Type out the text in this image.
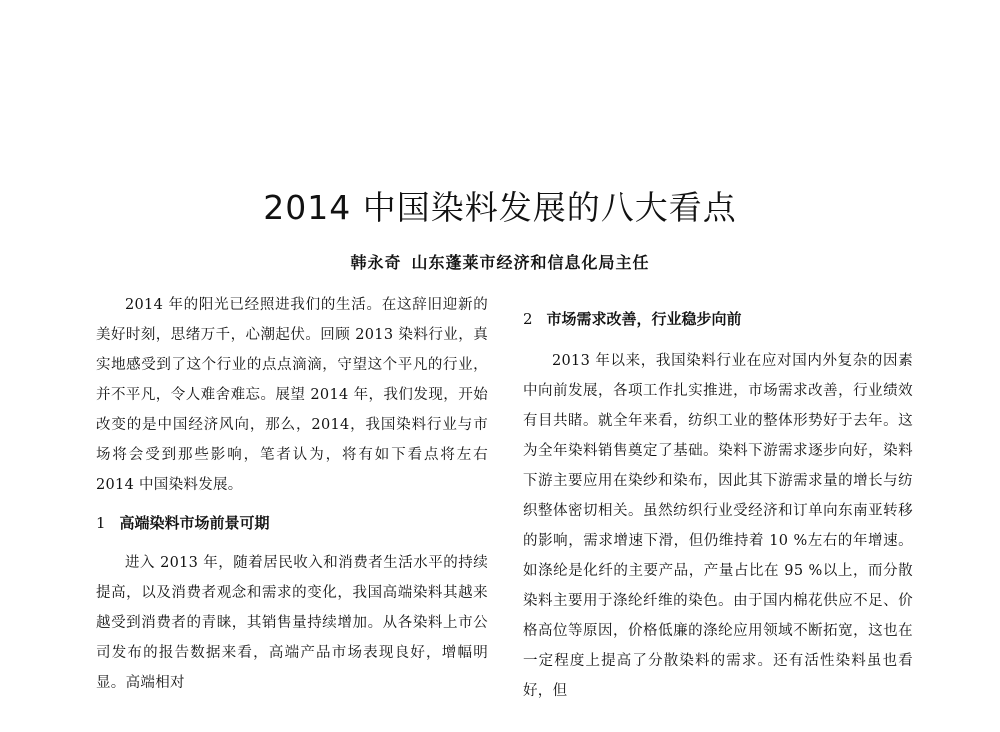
2014 中国染料发展的八大看点
韩永奇 山东蓬莱市经济和信息化局主任

2014 年的阳光已经照进我们的生活。在这辞旧迎新的美好时刻，思绪万千，心潮起伏。回顾 2013 染料行业，真实地感受到了这个行业的点点滴滴，守望这个平凡的行业，并不平凡，令人难舍难忘。展望 2014 年，我们发现，开始改变的是中国经济风向，那么，2014，我国染料行业与市场将会受到那些影响，笔者认为，将有如下看点将左右 2014 中国染料发展。

1 高端染料市场前景可期

进入 2013 年，随着居民收入和消费者生活水平的持续提高，以及消费者观念和需求的变化，我国高端染料其越来越受到消费者的青睐，其销售量持续增加。从各染料上市公司发布的报告数据来看，高端产品市场表现良好，增幅明显。高端相对

2 市场需求改善，行业稳步向前

2013 年以来，我国染料行业在应对国内外复杂的因素中向前发展，各项工作扎实推进，市场需求改善，行业绩效有目共睹。就全年来看，纺织工业的整体形势好于去年。这为全年染料销售奠定了基础。染料下游需求逐步向好，染料下游主要应用在染纱和染布，因此其下游需求量的增长与纺织整体密切相关。虽然纺织行业受经济和订单向东南亚转移的影响，需求增速下滑，但仍维持着 10 %左右的年增速。如涤纶是化纤的主要产品，产量占比在 95 %以上，而分散染料主要用于涤纶纤维的染色。由于国内棉花供应不足、价格高位等原因，价格低廉的涤纶应用领域不断拓宽，这也在一定程度上提高了分散染料的需求。还有活性染料虽也看好，但
